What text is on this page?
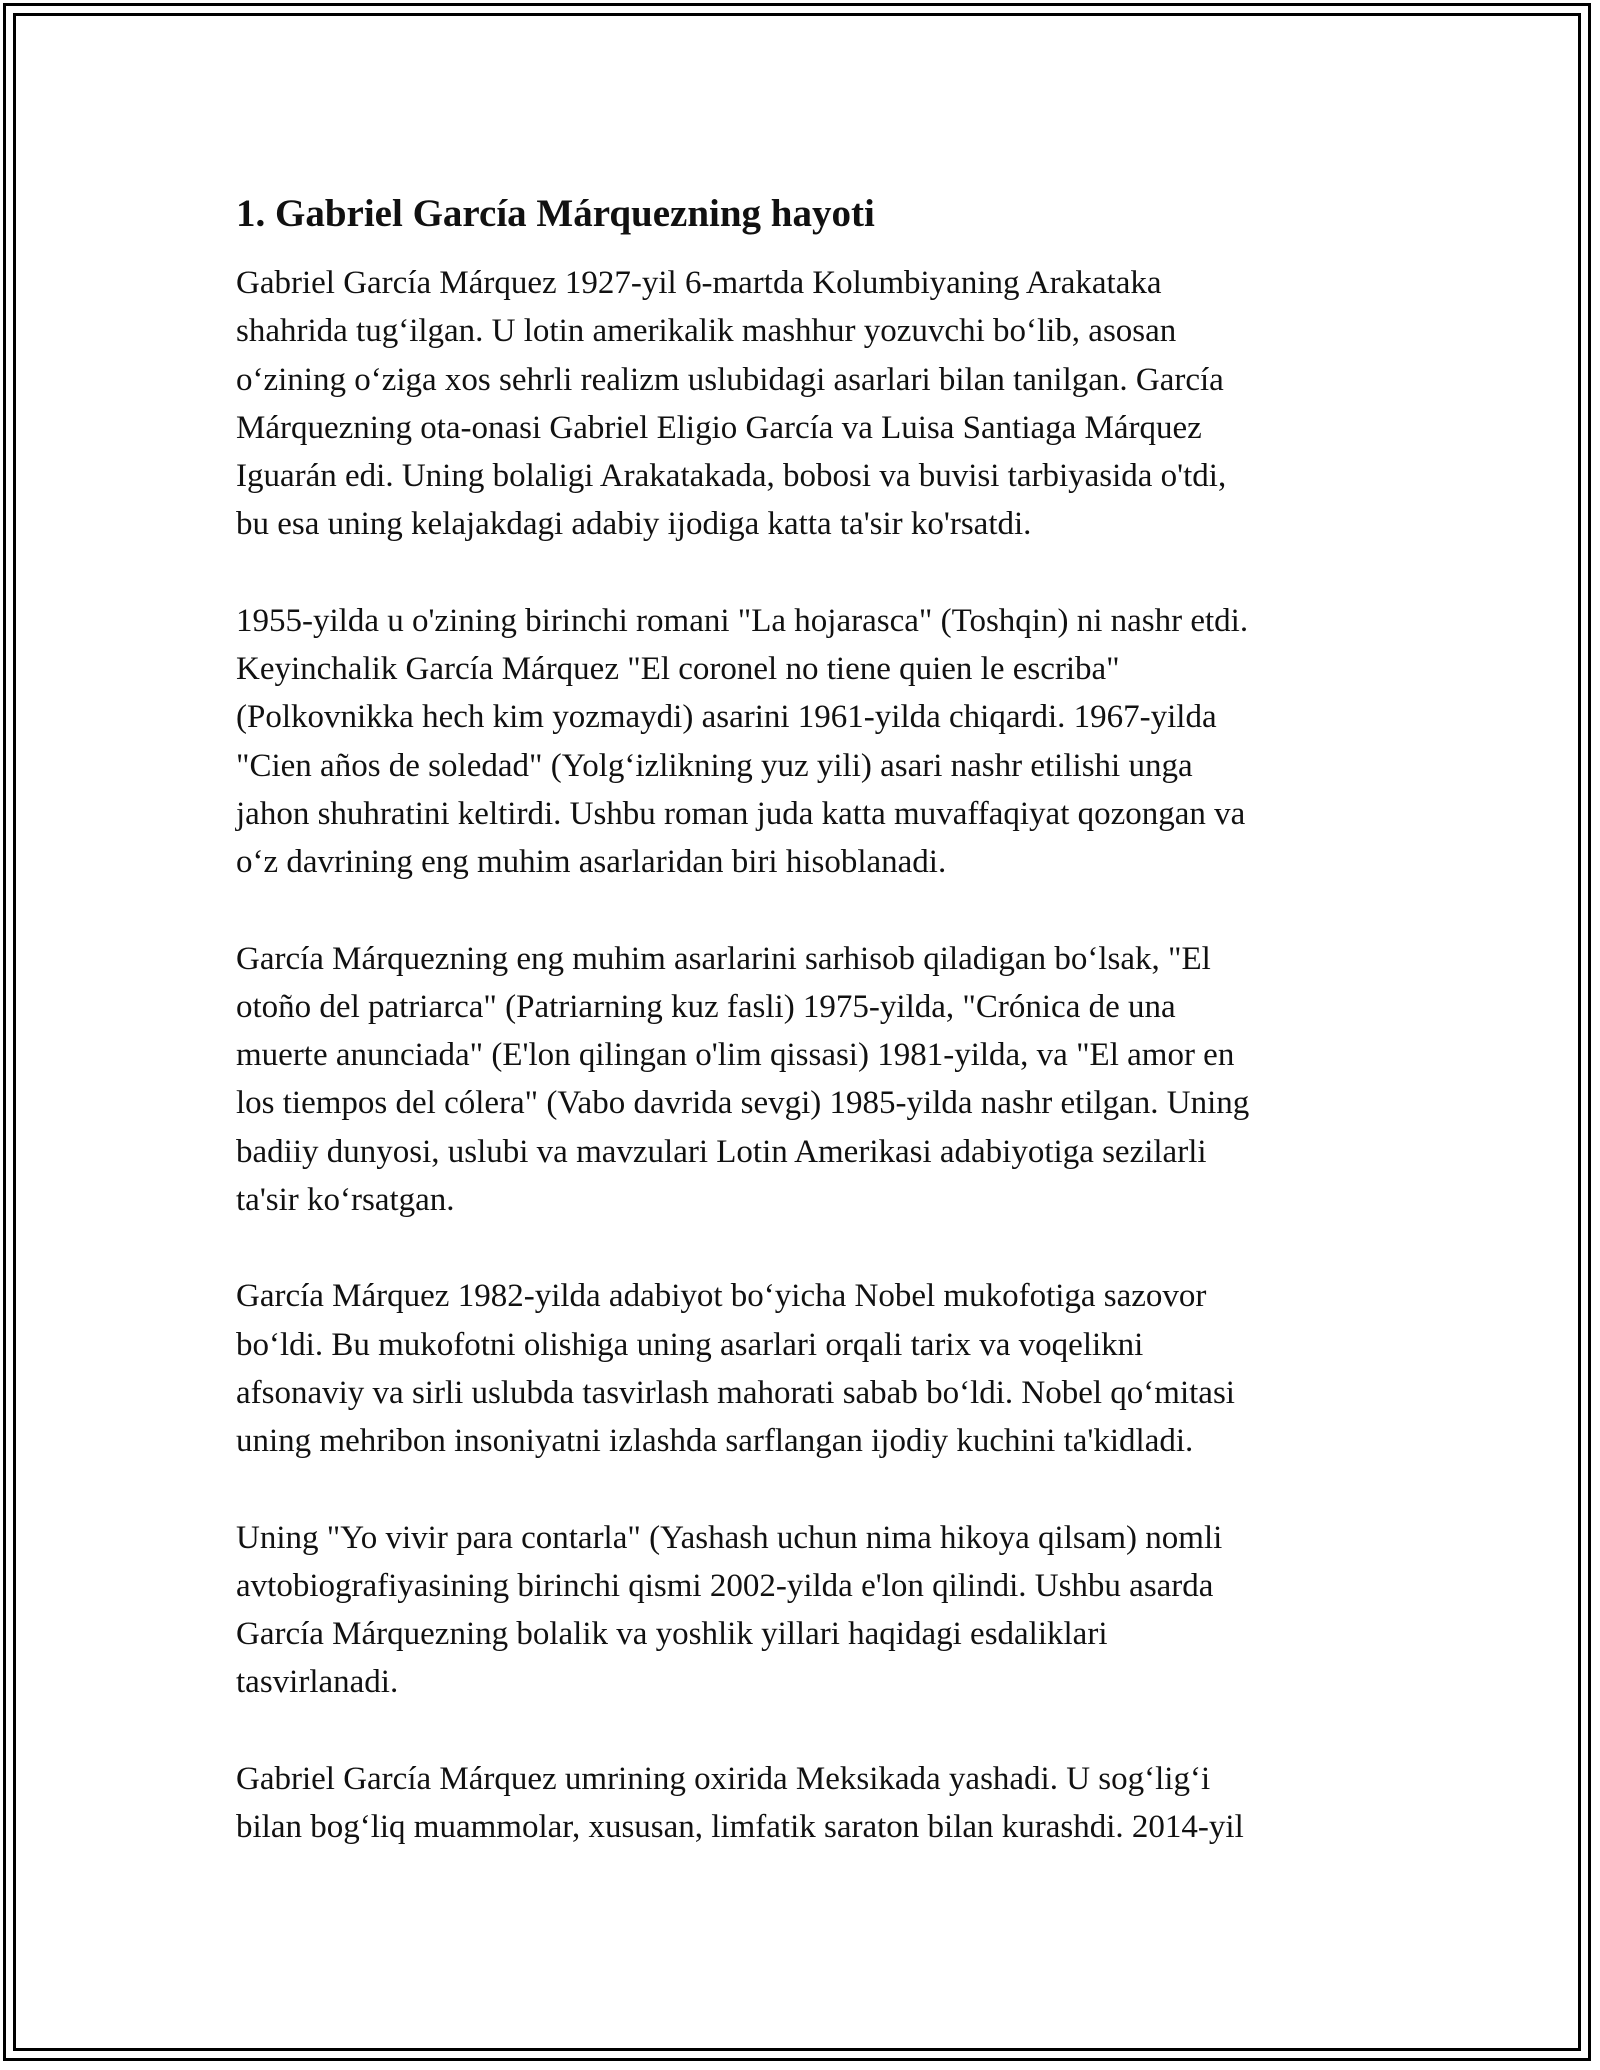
1. Gabriel García Márquezning hayoti

Gabriel García Márquez 1927-yil 6-martda Kolumbiyaning Arakataka
shahrida tug‘ilgan. U lotin amerikalik mashhur yozuvchi bo‘lib, asosan
o‘zining o‘ziga xos sehrli realizm uslubidagi asarlari bilan tanilgan. García
Márquezning ota-onasi Gabriel Eligio García va Luisa Santiaga Márquez
Iguarán edi. Uning bolaligi Arakatakada, bobosi va buvisi tarbiyasida o'tdi,
bu esa uning kelajakdagi adabiy ijodiga katta ta'sir ko'rsatdi.

1955-yilda u o'zining birinchi romani "La hojarasca" (Toshqin) ni nashr etdi.
Keyinchalik García Márquez "El coronel no tiene quien le escriba"
(Polkovnikka hech kim yozmaydi) asarini 1961-yilda chiqardi. 1967-yilda
"Cien años de soledad" (Yolg‘izlikning yuz yili) asari nashr etilishi unga
jahon shuhratini keltirdi. Ushbu roman juda katta muvaffaqiyat qozongan va
o‘z davrining eng muhim asarlaridan biri hisoblanadi.

García Márquezning eng muhim asarlarini sarhisob qiladigan bo‘lsak, "El
otoño del patriarca" (Patriarning kuz fasli) 1975-yilda, "Crónica de una
muerte anunciada" (E'lon qilingan o'lim qissasi) 1981-yilda, va "El amor en
los tiempos del cólera" (Vabo davrida sevgi) 1985-yilda nashr etilgan. Uning
badiiy dunyosi, uslubi va mavzulari Lotin Amerikasi adabiyotiga sezilarli
ta'sir ko‘rsatgan.

García Márquez 1982-yilda adabiyot bo‘yicha Nobel mukofotiga sazovor
bo‘ldi. Bu mukofotni olishiga uning asarlari orqali tarix va voqelikni
afsonaviy va sirli uslubda tasvirlash mahorati sabab bo‘ldi. Nobel qo‘mitasi
uning mehribon insoniyatni izlashda sarflangan ijodiy kuchini ta'kidladi.

Uning "Yo vivir para contarla" (Yashash uchun nima hikoya qilsam) nomli
avtobiografiyasining birinchi qismi 2002-yilda e'lon qilindi. Ushbu asarda
García Márquezning bolalik va yoshlik yillari haqidagi esdaliklari
tasvirlanadi.

Gabriel García Márquez umrining oxirida Meksikada yashadi. U sog‘lig‘i
bilan bog‘liq muammolar, xususan, limfatik saraton bilan kurashdi. 2014-yil
